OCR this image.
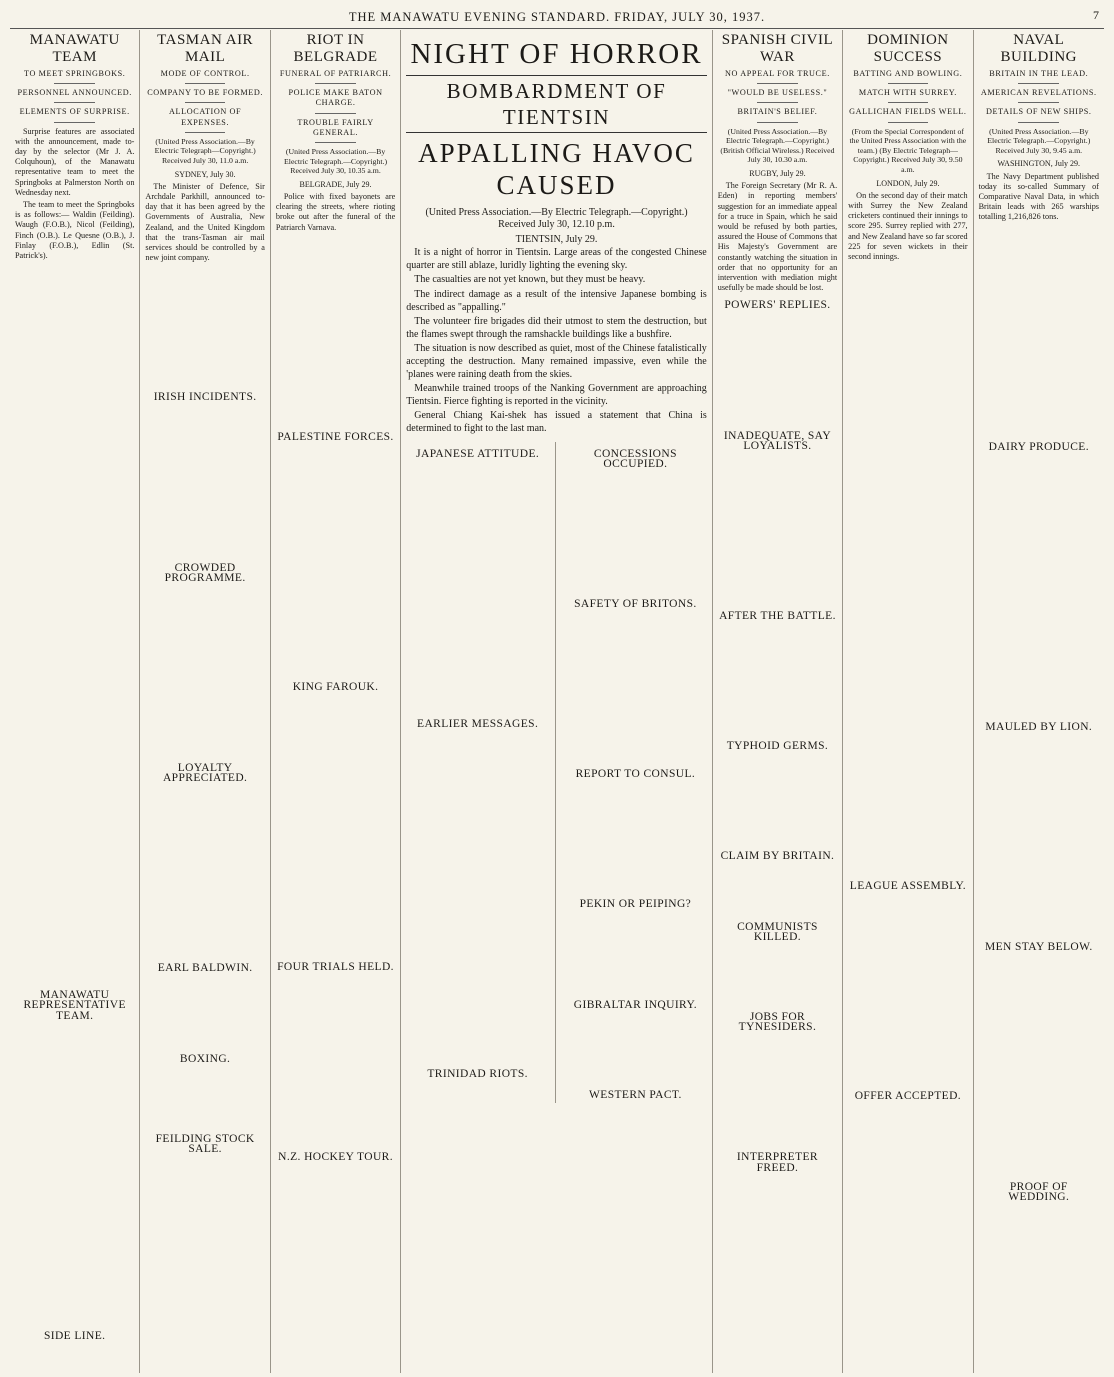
THE MANAWATU EVENING STANDARD. FRIDAY, JULY 30, 1937.	7
MANAWATU TEAM
TO MEET SPRINGBOKS.
PERSONNEL ANNOUNCED.
ELEMENTS OF SURPRISE.

Surprise features are associated with the announcement, made to-day by the selector (Mr J. A. Colquhoun), of the Manawatu representative team to meet the Springboks at Palmerston North on Wednesday next.

The team to meet the Springboks is as follows:— Waldin (Feilding). Waugh (F.O.B.), Nicol (Feilding), Finch (O.B.). Le Quesne (O.B.), J. Finlay (F.O.B.), Edlin (St. Patrick's).

MANAWATU REPRESENTATIVE TEAM.
SIDE LINE.
TASMAN AIR MAIL
MODE OF CONTROL.
COMPANY TO BE FORMED.
ALLOCATION OF EXPENSES.
(United Press Association.—By Electric Telegraph—Copyright.) Received July 30, 11.0 a.m.
SYDNEY, July 30.

The Minister of Defence, Sir Archdale Parkhill, announced to-day that it has been agreed by the Governments of Australia, New Zealand, and the United Kingdom that the trans-Tasman air mail services should be controlled by a new joint company.

IRISH INCIDENTS.
CROWDED PROGRAMME.
LOYALTY APPRECIATED.
EARL BALDWIN.
BOXING.
FEILDING STOCK SALE.
RIOT IN BELGRADE
FUNERAL OF PATRIARCH.
POLICE MAKE BATON CHARGE.
TROUBLE FAIRLY GENERAL.
(United Press Association.—By Electric Telegraph.—Copyright.) Received July 30, 10.35 a.m.
BELGRADE, July 29.

Police with fixed bayonets are clearing the streets, where rioting broke out after the funeral of the Patriarch Varnava.

PALESTINE FORCES.
KING FAROUK.
FOUR TRIALS HELD.
N.Z. HOCKEY TOUR.
NIGHT OF HORROR
BOMBARDMENT OF TIENTSIN
APPALLING HAVOC CAUSED
(United Press Association.—By Electric Telegraph.—Copyright.) Received July 30, 12.10 p.m.
TIENTSIN, July 29.

It is a night of horror in Tientsin. Large areas of the congested Chinese quarter are still ablaze, luridly lighting the evening sky.

The casualties are not yet known, but they must be heavy.

The indirect damage as a result of the intensive Japanese bombing is described as "appalling."

The volunteer fire brigades did their utmost to stem the destruction, but the flames swept through the ramshackle buildings like a bushfire.

The situation is now described as quiet, most of the Chinese fatalistically accepting the destruction. Many remained impassive, even while the 'planes were raining death from the skies.

Meanwhile trained troops of the Nanking Government are approaching Tientsin. Fierce fighting is reported in the vicinity.

General Chiang Kai-shek has issued a statement that China is determined to fight to the last man.

JAPANESE ATTITUDE.
EARLIER MESSAGES.
TRINIDAD RIOTS.
CONCESSIONS OCCUPIED.
SAFETY OF BRITONS.
REPORT TO CONSUL.
PEKIN OR PEIPING?
GIBRALTAR INQUIRY.
WESTERN PACT.
SPANISH CIVIL WAR
NO APPEAL FOR TRUCE.
"WOULD BE USELESS."
BRITAIN'S BELIEF.
(United Press Association.—By Electric Telegraph.—Copyright.) (British Official Wireless.) Received July 30, 10.30 a.m.
RUGBY, July 29.

The Foreign Secretary (Mr R. A. Eden) in reporting members' suggestion for an immediate appeal for a truce in Spain, which he said would be refused by both parties, assured the House of Commons that His Majesty's Government are constantly watching the situation in order that no opportunity for an intervention with mediation might usefully be made should be lost.

POWERS' REPLIES.
INADEQUATE, SAY LOYALISTS.
AFTER THE BATTLE.
TYPHOID GERMS.
CLAIM BY BRITAIN.
COMMUNISTS KILLED.
JOBS FOR TYNESIDERS.
INTERPRETER FREED.
DOMINION SUCCESS
BATTING AND BOWLING.
MATCH WITH SURREY.
GALLICHAN FIELDS WELL.
(From the Special Correspondent of the United Press Association with the team.) (By Electric Telegraph—Copyright.) Received July 30, 9.50 a.m.
LONDON, July 29.

On the second day of their match with Surrey the New Zealand cricketers continued their innings to score 295. Surrey replied with 277, and New Zealand have so far scored 225 for seven wickets in their second innings.

LEAGUE ASSEMBLY.
OFFER ACCEPTED.
NAVAL BUILDING
BRITAIN IN THE LEAD.
AMERICAN REVELATIONS.
DETAILS OF NEW SHIPS.
(United Press Association.—By Electric Telegraph.—Copyright.) Received July 30, 9.45 a.m.
WASHINGTON, July 29.

The Navy Department published today its so-called Summary of Comparative Naval Data, in which Britain leads with 265 warships totalling 1,216,826 tons.

DAIRY PRODUCE.
MAULED BY LION.
MEN STAY BELOW.
PROOF OF WEDDING.
